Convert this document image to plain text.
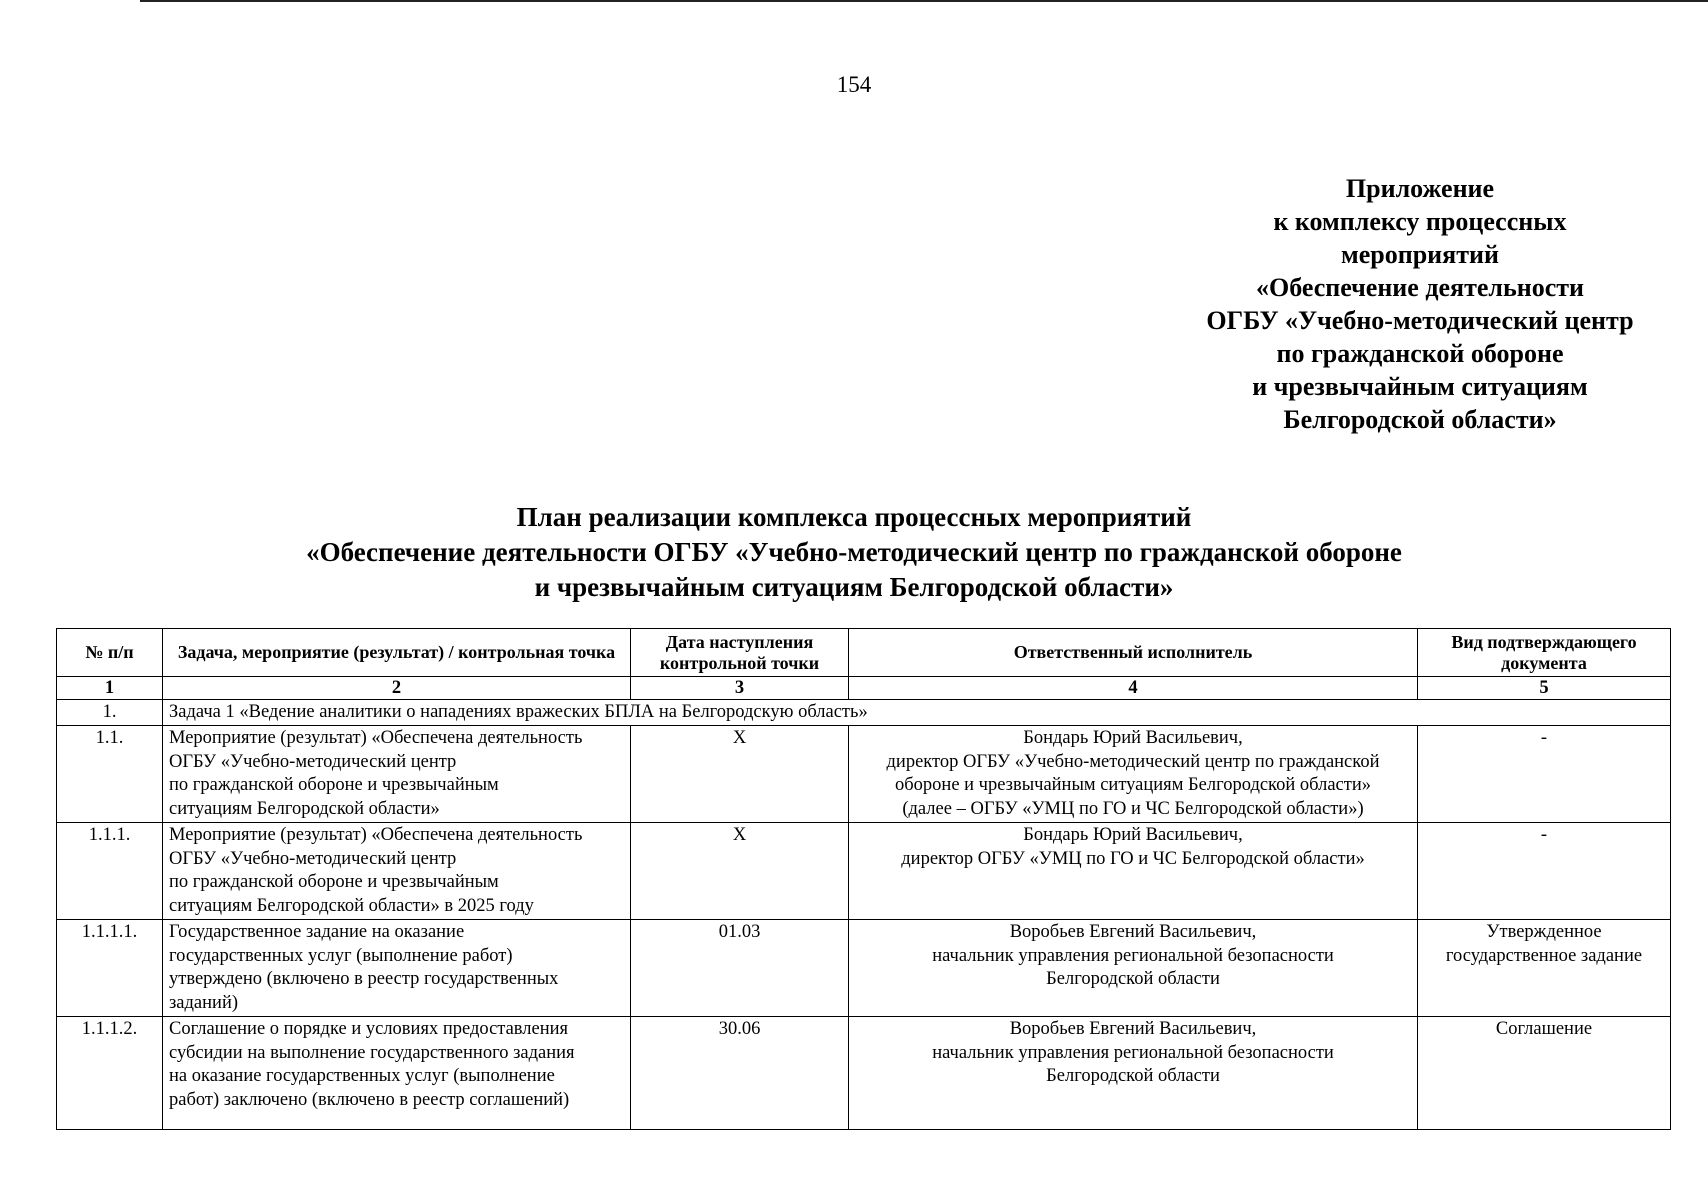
154
Приложение
к комплексу процессных
мероприятий
«Обеспечение деятельности
ОГБУ «Учебно-методический центр
по гражданской обороне
и чрезвычайным ситуациям
Белгородской области»
План реализации комплекса процессных мероприятий
«Обеспечение деятельности ОГБУ «Учебно-методический центр по гражданской обороне
и чрезвычайным ситуациям Белгородской области»
№ п/п	Задача, мероприятие (результат) / контрольная точка	Дата наступления контрольной точки	Ответственный исполнитель	Вид подтверждающего документа
1	2	3	4	5
1.	Задача 1 «Ведение аналитики о нападениях вражеских БПЛА на Белгородскую область»			
1.1.	Мероприятие (результат) «Обеспечена деятельность
ОГБУ «Учебно-методический центр
по гражданской обороне и чрезвычайным
ситуациям Белгородской области»	X	Бондарь Юрий Васильевич,
директор ОГБУ «Учебно-методический центр по гражданской
обороне и чрезвычайным ситуациям Белгородской области»
(далее – ОГБУ «УМЦ по ГО и ЧС Белгородской области»)	-

1.1.1.	Мероприятие (результат) «Обеспечена деятельность
ОГБУ «Учебно-методический центр
по гражданской обороне и чрезвычайным
ситуациям Белгородской области» в 2025 году	X	Бондарь Юрий Васильевич,
директор ОГБУ «УМЦ по ГО и ЧС Белгородской области»	-

1.1.1.1.	Государственное задание на оказание
государственных услуг (выполнение работ)
утверждено (включено в реестр государственных
заданий)	01.03	Воробьев Евгений Васильевич,
начальник управления региональной безопасности
Белгородской области	Утвержденное
государственное задание

1.1.1.2.	Соглашение о порядке и условиях предоставления
субсидии на выполнение государственного задания
на оказание государственных услуг (выполнение
работ) заключено (включено в реестр соглашений)	30.06	Воробьев Евгений Васильевич,
начальник управления региональной безопасности
Белгородской области	Соглашение
